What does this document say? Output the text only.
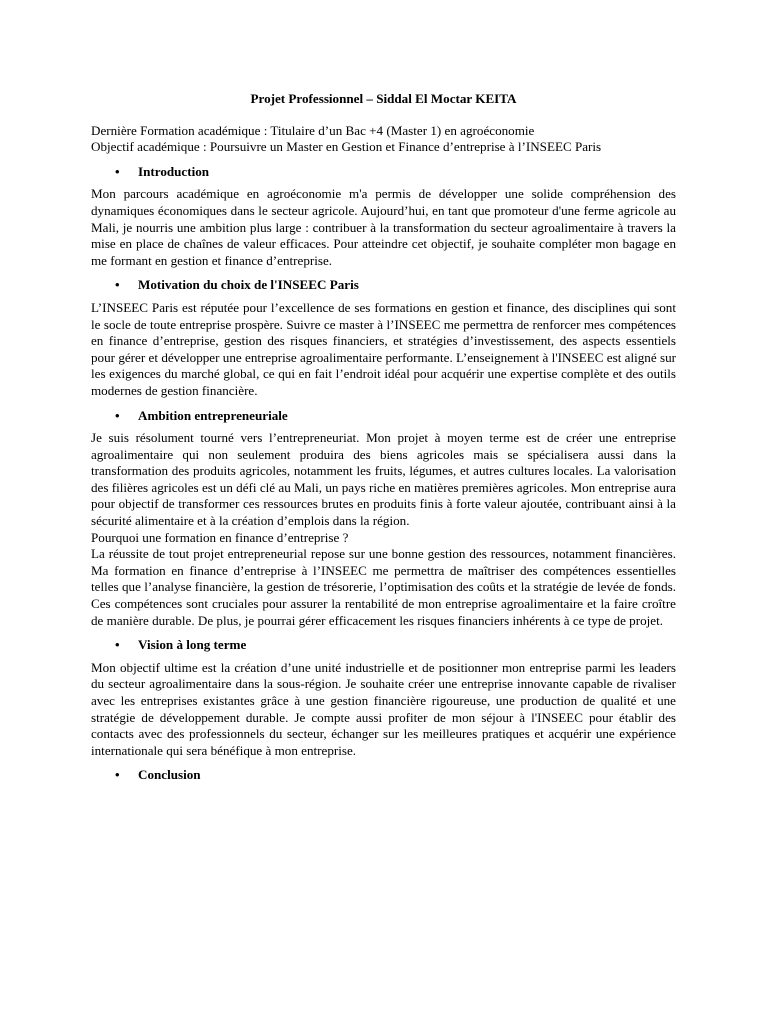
Projet Professionnel – Siddal El Moctar KEITA

Dernière Formation académique : Titulaire d’un Bac +4 (Master 1) en agroéconomie

Objectif académique : Poursuivre un Master en Gestion et Finance d’entreprise à l’INSEEC Paris

• Introduction

Mon parcours académique en agroéconomie m'a permis de développer une solide compréhension des dynamiques économiques dans le secteur agricole. Aujourd’hui, en tant que promoteur d'une ferme agricole au Mali, je nourris une ambition plus large : contribuer à la transformation du secteur agroalimentaire à travers la mise en place de chaînes de valeur efficaces. Pour atteindre cet objectif, je souhaite compléter mon bagage en me formant en gestion et finance d’entreprise.

• Motivation du choix de l'INSEEC Paris

L’INSEEC Paris est réputée pour l’excellence de ses formations en gestion et finance, des disciplines qui sont le socle de toute entreprise prospère. Suivre ce master à l’INSEEC me permettra de renforcer mes compétences en finance d’entreprise, gestion des risques financiers, et stratégies d’investissement, des aspects essentiels pour gérer et développer une entreprise agroalimentaire performante. L’enseignement à l'INSEEC est aligné sur les exigences du marché global, ce qui en fait l’endroit idéal pour acquérir une expertise complète et des outils modernes de gestion financière.

• Ambition entrepreneuriale

Je suis résolument tourné vers l’entrepreneuriat. Mon projet à moyen terme est de créer une entreprise agroalimentaire qui non seulement produira des biens agricoles mais se spécialisera aussi dans la transformation des produits agricoles, notamment les fruits, légumes, et autres cultures locales. La valorisation des filières agricoles est un défi clé au Mali, un pays riche en matières premières agricoles. Mon entreprise aura pour objectif de transformer ces ressources brutes en produits finis à forte valeur ajoutée, contribuant ainsi à la sécurité alimentaire et à la création d’emplois dans la région.

Pourquoi une formation en finance d’entreprise ?

La réussite de tout projet entrepreneurial repose sur une bonne gestion des ressources, notamment financières. Ma formation en finance d’entreprise à l’INSEEC me permettra de maîtriser des compétences essentielles telles que l’analyse financière, la gestion de trésorerie, l’optimisation des coûts et la stratégie de levée de fonds. Ces compétences sont cruciales pour assurer la rentabilité de mon entreprise agroalimentaire et la faire croître de manière durable. De plus, je pourrai gérer efficacement les risques financiers inhérents à ce type de projet.

• Vision à long terme

Mon objectif ultime est la création d’une unité industrielle et de positionner mon entreprise parmi les leaders du secteur agroalimentaire dans la sous-région. Je souhaite créer une entreprise innovante capable de rivaliser avec les entreprises existantes grâce à une gestion financière rigoureuse, une production de qualité et une stratégie de développement durable. Je compte aussi profiter de mon séjour à l'INSEEC pour établir des contacts avec des professionnels du secteur, échanger sur les meilleures pratiques et acquérir une expérience internationale qui sera bénéfique à mon entreprise.

• Conclusion
